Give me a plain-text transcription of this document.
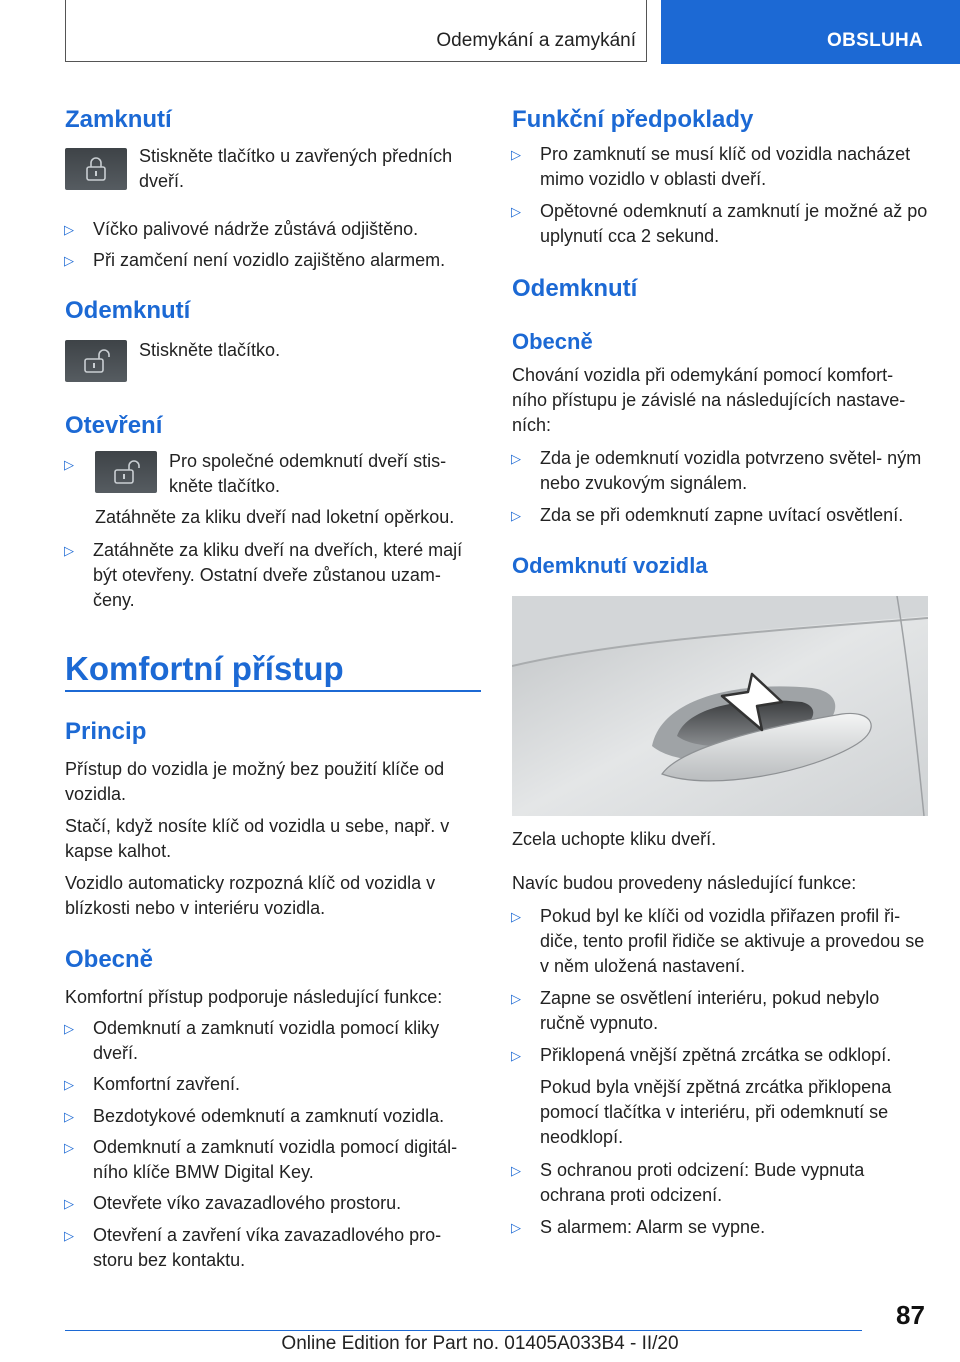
Odemykání a zamykání	OBSLUHA
Zamknutí
Stiskněte tlačítko u zavřených předních dveří.
▷ Víčko palivové nádrže zůstává odjištěno.
▷ Při zamčení není vozidlo zajištěno alarmem.
Odemknutí
Stiskněte tlačítko.
Otevření
▷
Pro společné odemknutí dveří stis‐ kněte tlačítko.
Zatáhněte za kliku dveří nad loketní opěrkou.
▷ Zatáhněte za kliku dveří na dveřích, které mají být otevřeny. Ostatní dveře zůstanou uzam‐ čeny.
Komfortní přístup
Princip
Přístup do vozidla je možný bez použití klíče od vozidla.
Stačí, když nosíte klíč od vozidla u sebe, např. v kapse kalhot.
Vozidlo automaticky rozpozná klíč od vozidla v blízkosti nebo v interiéru vozidla.
Obecně
Komfortní přístup podporuje následující funkce:
▷ Odemknutí a zamknutí vozidla pomocí kliky dveří.
▷ Komfortní zavření.
▷ Bezdotykové odemknutí a zamknutí vozidla.
▷ Odemknutí a zamknutí vozidla pomocí digitál‐ ního klíče BMW Digital Key.
▷ Otevřete víko zavazadlového prostoru.
▷ Otevření a zavření víka zavazadlového pro‐ storu bez kontaktu.
Funkční předpoklady
▷ Pro zamknutí se musí klíč od vozidla nacházet mimo vozidlo v oblasti dveří.
▷ Opětovné odemknutí a zamknutí je možné až po uplynutí cca 2 sekund.
Odemknutí
Obecně
Chování vozidla při odemykání pomocí komfort‐ ního přístupu je závislé na následujících nastave‐ ních:
▷ Zda je odemknutí vozidla potvrzeno světel‐ ným nebo zvukovým signálem.
▷ Zda se při odemknutí zapne uvítací osvětlení.
Odemknutí vozidla
Zcela uchopte kliku dveří.
Navíc budou provedeny následující funkce:
▷ Pokud byl ke klíči od vozidla přiřazen profil ři‐ diče, tento profil řidiče se aktivuje a provedou se v něm uložená nastavení.
▷ Zapne se osvětlení interiéru, pokud nebylo ručně vypnuto.
▷ Přiklopená vnější zpětná zrcátka se odklopí.
Pokud byla vnější zpětná zrcátka přiklopena pomocí tlačítka v interiéru, při odemknutí se neodklopí.
▷ S ochranou proti odcizení: Bude vypnuta ochrana proti odcizení.
▷ S alarmem: Alarm se vypne.
87
Online Edition for Part no. 01405A033B4 - II/20
